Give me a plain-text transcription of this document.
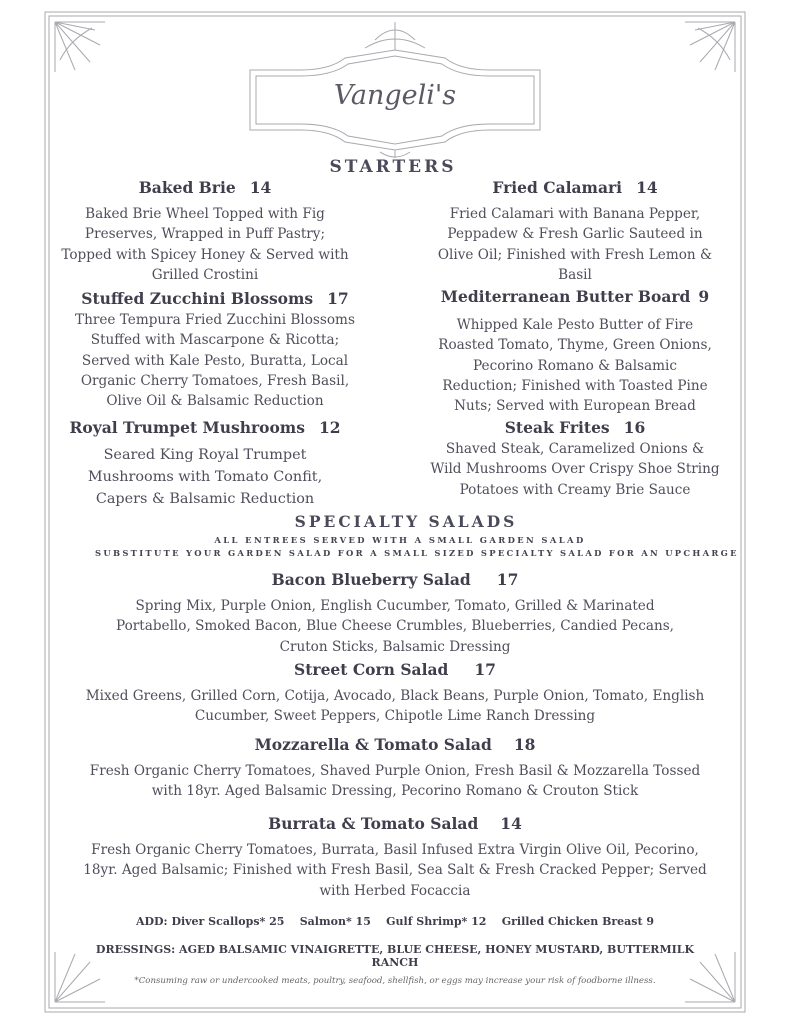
Vangeli's
STARTERS
Baked Brie 14
Baked Brie Wheel Topped with Fig
Preserves, Wrapped in Puff Pastry;
Topped with Spicey Honey & Served with
Grilled Crostini
Stuffed Zucchini Blossoms 17
Three Tempura Fried Zucchini Blossoms
Stuffed with Mascarpone & Ricotta;
Served with Kale Pesto, Buratta, Local
Organic Cherry Tomatoes, Fresh Basil,
Olive Oil & Balsamic Reduction
Royal Trumpet Mushrooms 12
Seared King Royal Trumpet
Mushrooms with Tomato Confit,
Capers & Balsamic Reduction
Fried Calamari 14
Fried Calamari with Banana Pepper,
Peppadew & Fresh Garlic Sauteed in
Olive Oil; Finished with Fresh Lemon &
Basil
Mediterranean Butter Board 9
Whipped Kale Pesto Butter of Fire
Roasted Tomato, Thyme, Green Onions,
Pecorino Romano & Balsamic
Reduction; Finished with Toasted Pine
Nuts; Served with European Bread
Steak Frites 16
Shaved Steak, Caramelized Onions &
Wild Mushrooms Over Crispy Shoe String
Potatoes with Creamy Brie Sauce
SPECIALTY SALADS
ALL ENTREES SERVED WITH A SMALL GARDEN SALAD
SUBSTITUTE YOUR GARDEN SALAD FOR A SMALL SIZED SPECIALTY SALAD FOR AN UPCHARGE
Bacon Blueberry Salad 17
Spring Mix, Purple Onion, English Cucumber, Tomato, Grilled & Marinated
Portabello, Smoked Bacon, Blue Cheese Crumbles, Blueberries, Candied Pecans,
Cruton Sticks, Balsamic Dressing
Street Corn Salad 17
Mixed Greens, Grilled Corn, Cotija, Avocado, Black Beans, Purple Onion, Tomato, English
Cucumber, Sweet Peppers, Chipotle Lime Ranch Dressing
Mozzarella & Tomato Salad 18
Fresh Organic Cherry Tomatoes, Shaved Purple Onion, Fresh Basil & Mozzarella Tossed
with 18yr. Aged Balsamic Dressing, Pecorino Romano & Crouton Stick
Burrata & Tomato Salad 14
Fresh Organic Cherry Tomatoes, Burrata, Basil Infused Extra Virgin Olive Oil, Pecorino,
18yr. Aged Balsamic; Finished with Fresh Basil, Sea Salt & Fresh Cracked Pepper; Served
with Herbed Focaccia
ADD: Diver Scallops* 25    Salmon* 15    Gulf Shrimp* 12    Grilled Chicken Breast 9
DRESSINGS: AGED BALSAMIC VINAIGRETTE, BLUE CHEESE, HONEY MUSTARD, BUTTERMILK
RANCH
*Consuming raw or undercooked meats, poultry, seafood, shellfish, or eggs may increase your risk of foodborne illness.
